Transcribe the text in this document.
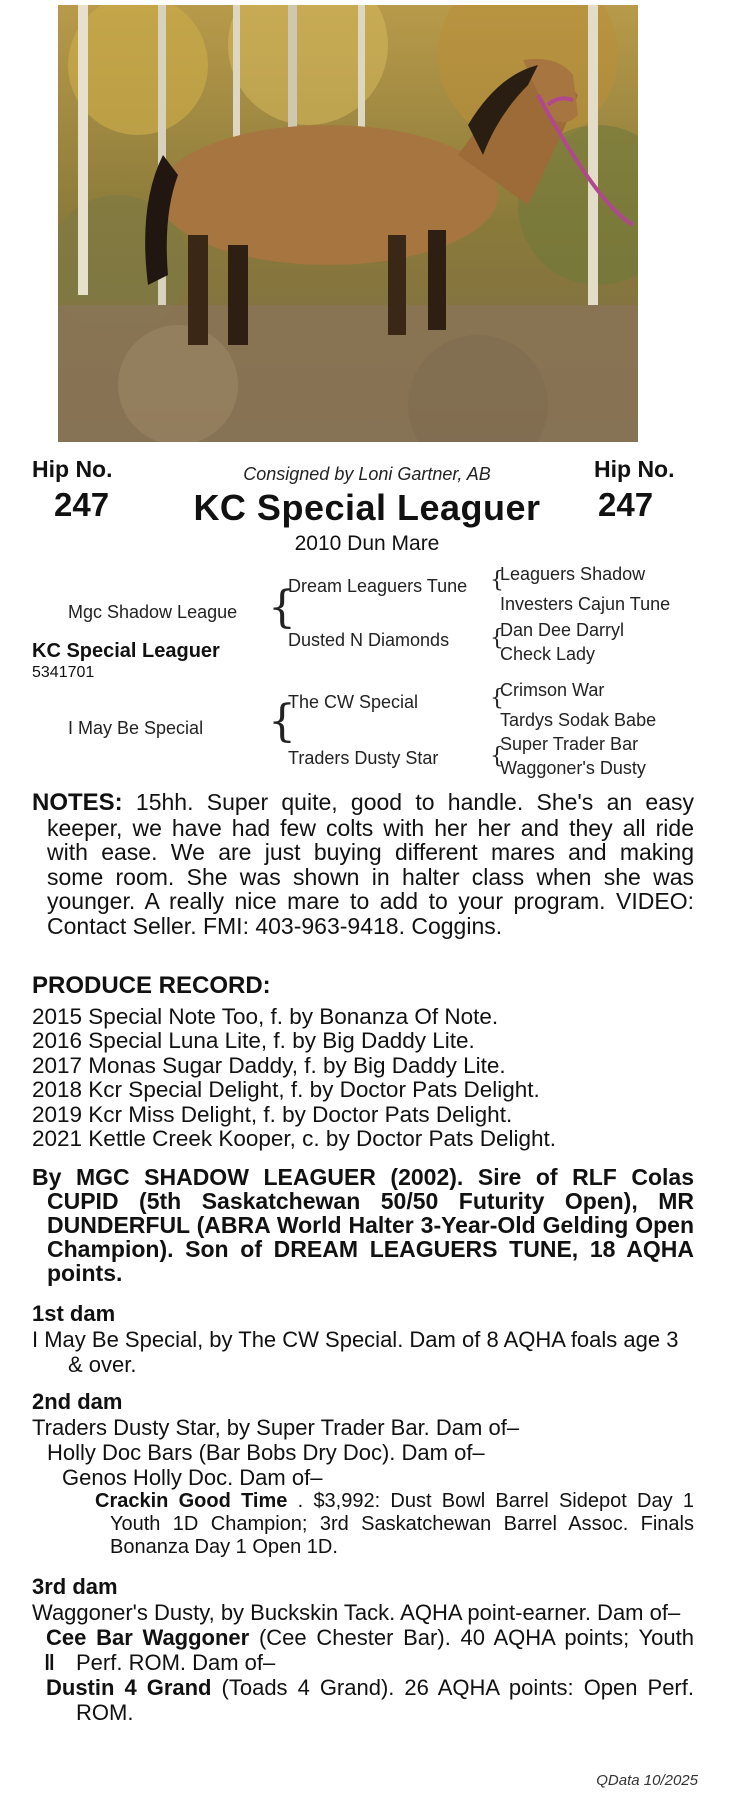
Hip No.
247
Hip No.
247
Consigned by Loni Gartner, AB
KC Special Leaguer
2010 Dun Mare
Mgc Shadow League
KC Special Leaguer
5341701
I May Be Special
{
{
Dream Leaguers Tune
Dusted N Diamonds
The CW Special
Traders Dusty Star
{
{
{
{
Leaguers Shadow
Investers Cajun Tune
Dan Dee Darryl
Check Lady
Crimson War
Tardys Sodak Babe
Super Trader Bar
Waggoner's Dusty

NOTES: 15hh. Super quite, good to handle. She's an easy keeper, we have had few colts with her her and they all ride with ease. We are just buying different mares and making some room. She was shown in halter class when she was younger. A really nice mare to add to your program. VIDEO: Contact Seller. FMI: 403-963-9418. Coggins.

PRODUCE RECORD:
2015 Special Note Too, f. by Bonanza Of Note.
2016 Special Luna Lite, f. by Big Daddy Lite.
2017 Monas Sugar Daddy, f. by Big Daddy Lite.
2018 Kcr Special Delight, f. by Doctor Pats Delight.
2019 Kcr Miss Delight, f. by Doctor Pats Delight.
2021 Kettle Creek Kooper, c. by Doctor Pats Delight.
By MGC SHADOW LEAGUER (2002). Sire of RLF Colas CUPID (5th Saskatchewan 50/50 Futurity Open), MR DUNDERFUL (ABRA World Halter 3-Year-Old Gelding Open Champion). Son of DREAM LEAGUERS TUNE, 18 AQHA points.
1st dam
I May Be Special, by The CW Special. Dam of 8 AQHA foals age 3 & over.
2nd dam
Traders Dusty Star, by Super Trader Bar. Dam of–
Holly Doc Bars (Bar Bobs Dry Doc). Dam of–
Genos Holly Doc. Dam of–
Crackin Good Time . $3,992: Dust Bowl Barrel Sidepot Day 1 Youth 1D Champion; 3rd Saskatchewan Barrel Assoc. Finals Bonanza Day 1 Open 1D.
3rd dam
Waggoner's Dusty, by Buckskin Tack. AQHA point-earner. Dam of–
Cee Bar Waggoner (Cee Chester Bar). 40 AQHA points; Youth Perf. ROM. Dam of–
‖
Dustin 4 Grand (Toads 4 Grand). 26 AQHA points: Open Perf. ROM.
QData 10/2025
